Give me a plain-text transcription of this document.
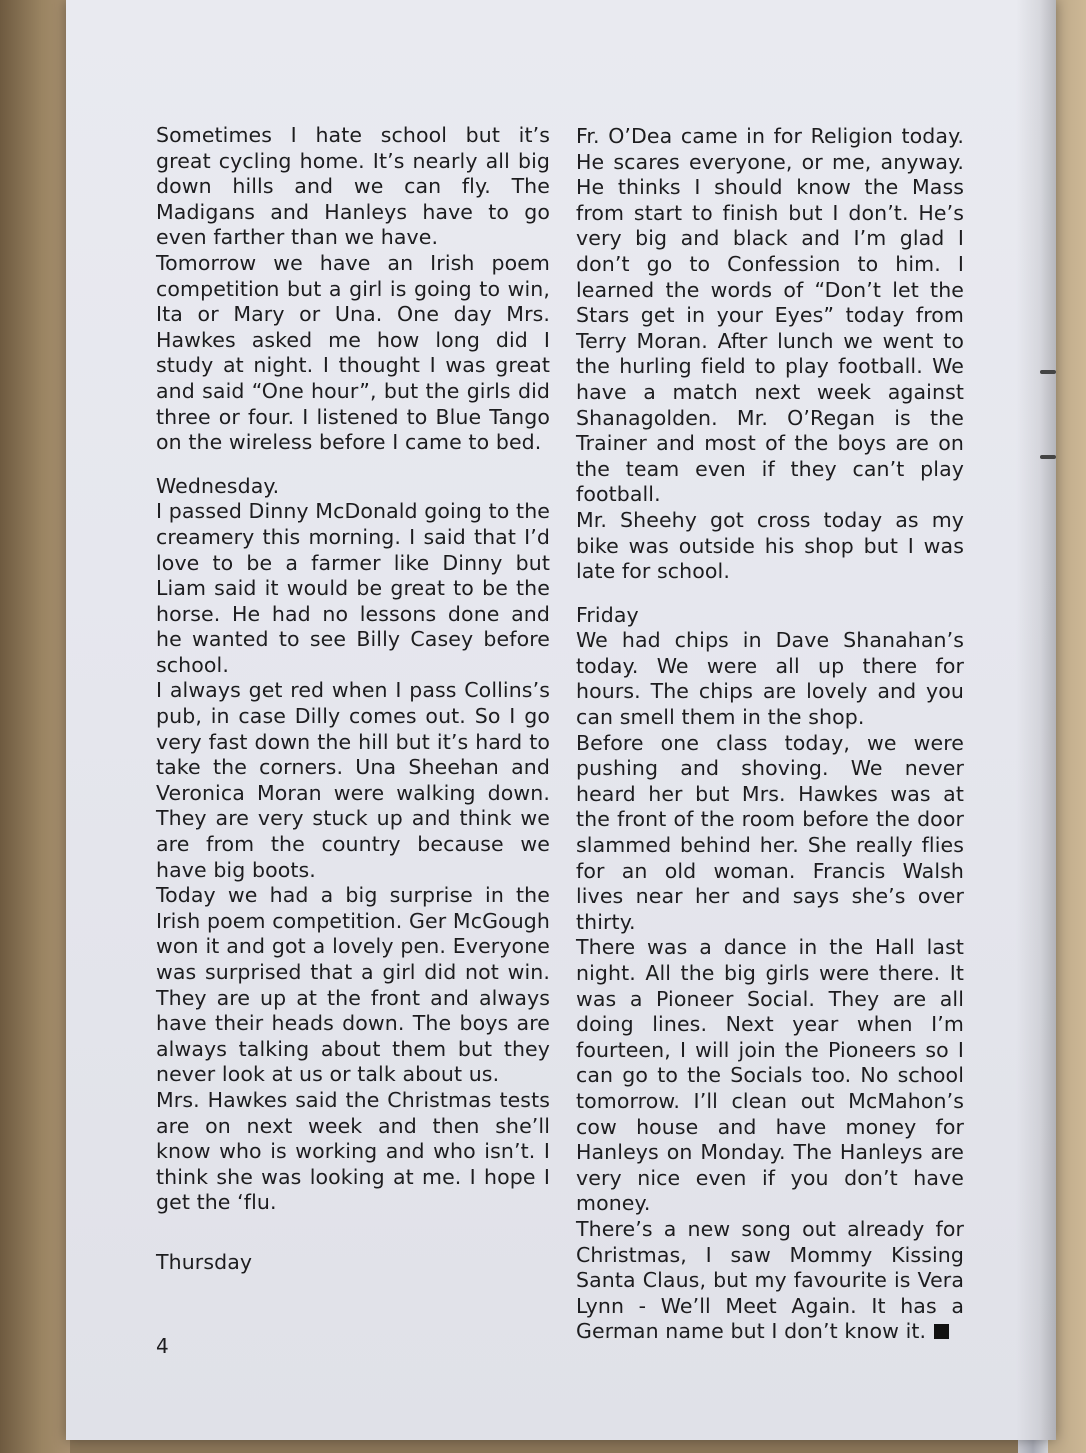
Sometimes I hate school but it’s great cycling home. It’s nearly all big down hills and we can fly. The Madigans and Hanleys have to go even farther than we have.

Tomorrow we have an Irish poem competition but a girl is going to win, Ita or Mary or Una. One day Mrs. Hawkes asked me how long did I study at night. I thought I was great and said “One hour”, but the girls did three or four. I listened to Blue Tango on the wireless before I came to bed.

Wednesday.

I passed Dinny McDonald going to the creamery this morning. I said that I’d love to be a farmer like Dinny but Liam said it would be great to be the horse. He had no lessons done and he wanted to see Billy Casey before school.

I always get red when I pass Collins’s pub, in case Dilly comes out. So I go very fast down the hill but it’s hard to take the corners. Una Sheehan and Veronica Moran were walking down. They are very stuck up and think we are from the country because we have big boots.

Today we had a big surprise in the Irish poem competition. Ger McGough won it and got a lovely pen. Everyone was surprised that a girl did not win. They are up at the front and always have their heads down. The boys are always talking about them but they never look at us or talk about us.

Mrs. Hawkes said the Christmas tests are on next week and then she’ll know who is working and who isn’t. I think she was looking at me. I hope I get the ‘flu.

Thursday

Fr. O’Dea came in for Religion today. He scares everyone, or me, anyway. He thinks I should know the Mass from start to finish but I don’t. He’s very big and black and I’m glad I don’t go to Confession to him. I learned the words of “Don’t let the Stars get in your Eyes” today from Terry Moran. After lunch we went to the hurling field to play football. We have a match next week against Shanagolden. Mr. O’Regan is the Trainer and most of the boys are on the team even if they can’t play football.

Mr. Sheehy got cross today as my bike was outside his shop but I was late for school.

Friday

We had chips in Dave Shanahan’s today. We were all up there for hours. The chips are lovely and you can smell them in the shop.

Before one class today, we were pushing and shoving. We never heard her but Mrs. Hawkes was at the front of the room before the door slammed behind her. She really flies for an old woman. Francis Walsh lives near her and says she’s over thirty.

There was a dance in the Hall last night. All the big girls were there. It was a Pioneer Social. They are all doing lines. Next year when I’m fourteen, I will join the Pioneers so I can go to the Socials too. No school tomorrow. I’ll clean out McMahon’s cow house and have money for Hanleys on Monday. The Hanleys are very nice even if you don’t have money.

There’s a new song out already for Christmas, I saw Mommy Kissing Santa Claus, but my favourite is Vera Lynn - We’ll Meet Again. It has a German name but I don’t know it.

4
